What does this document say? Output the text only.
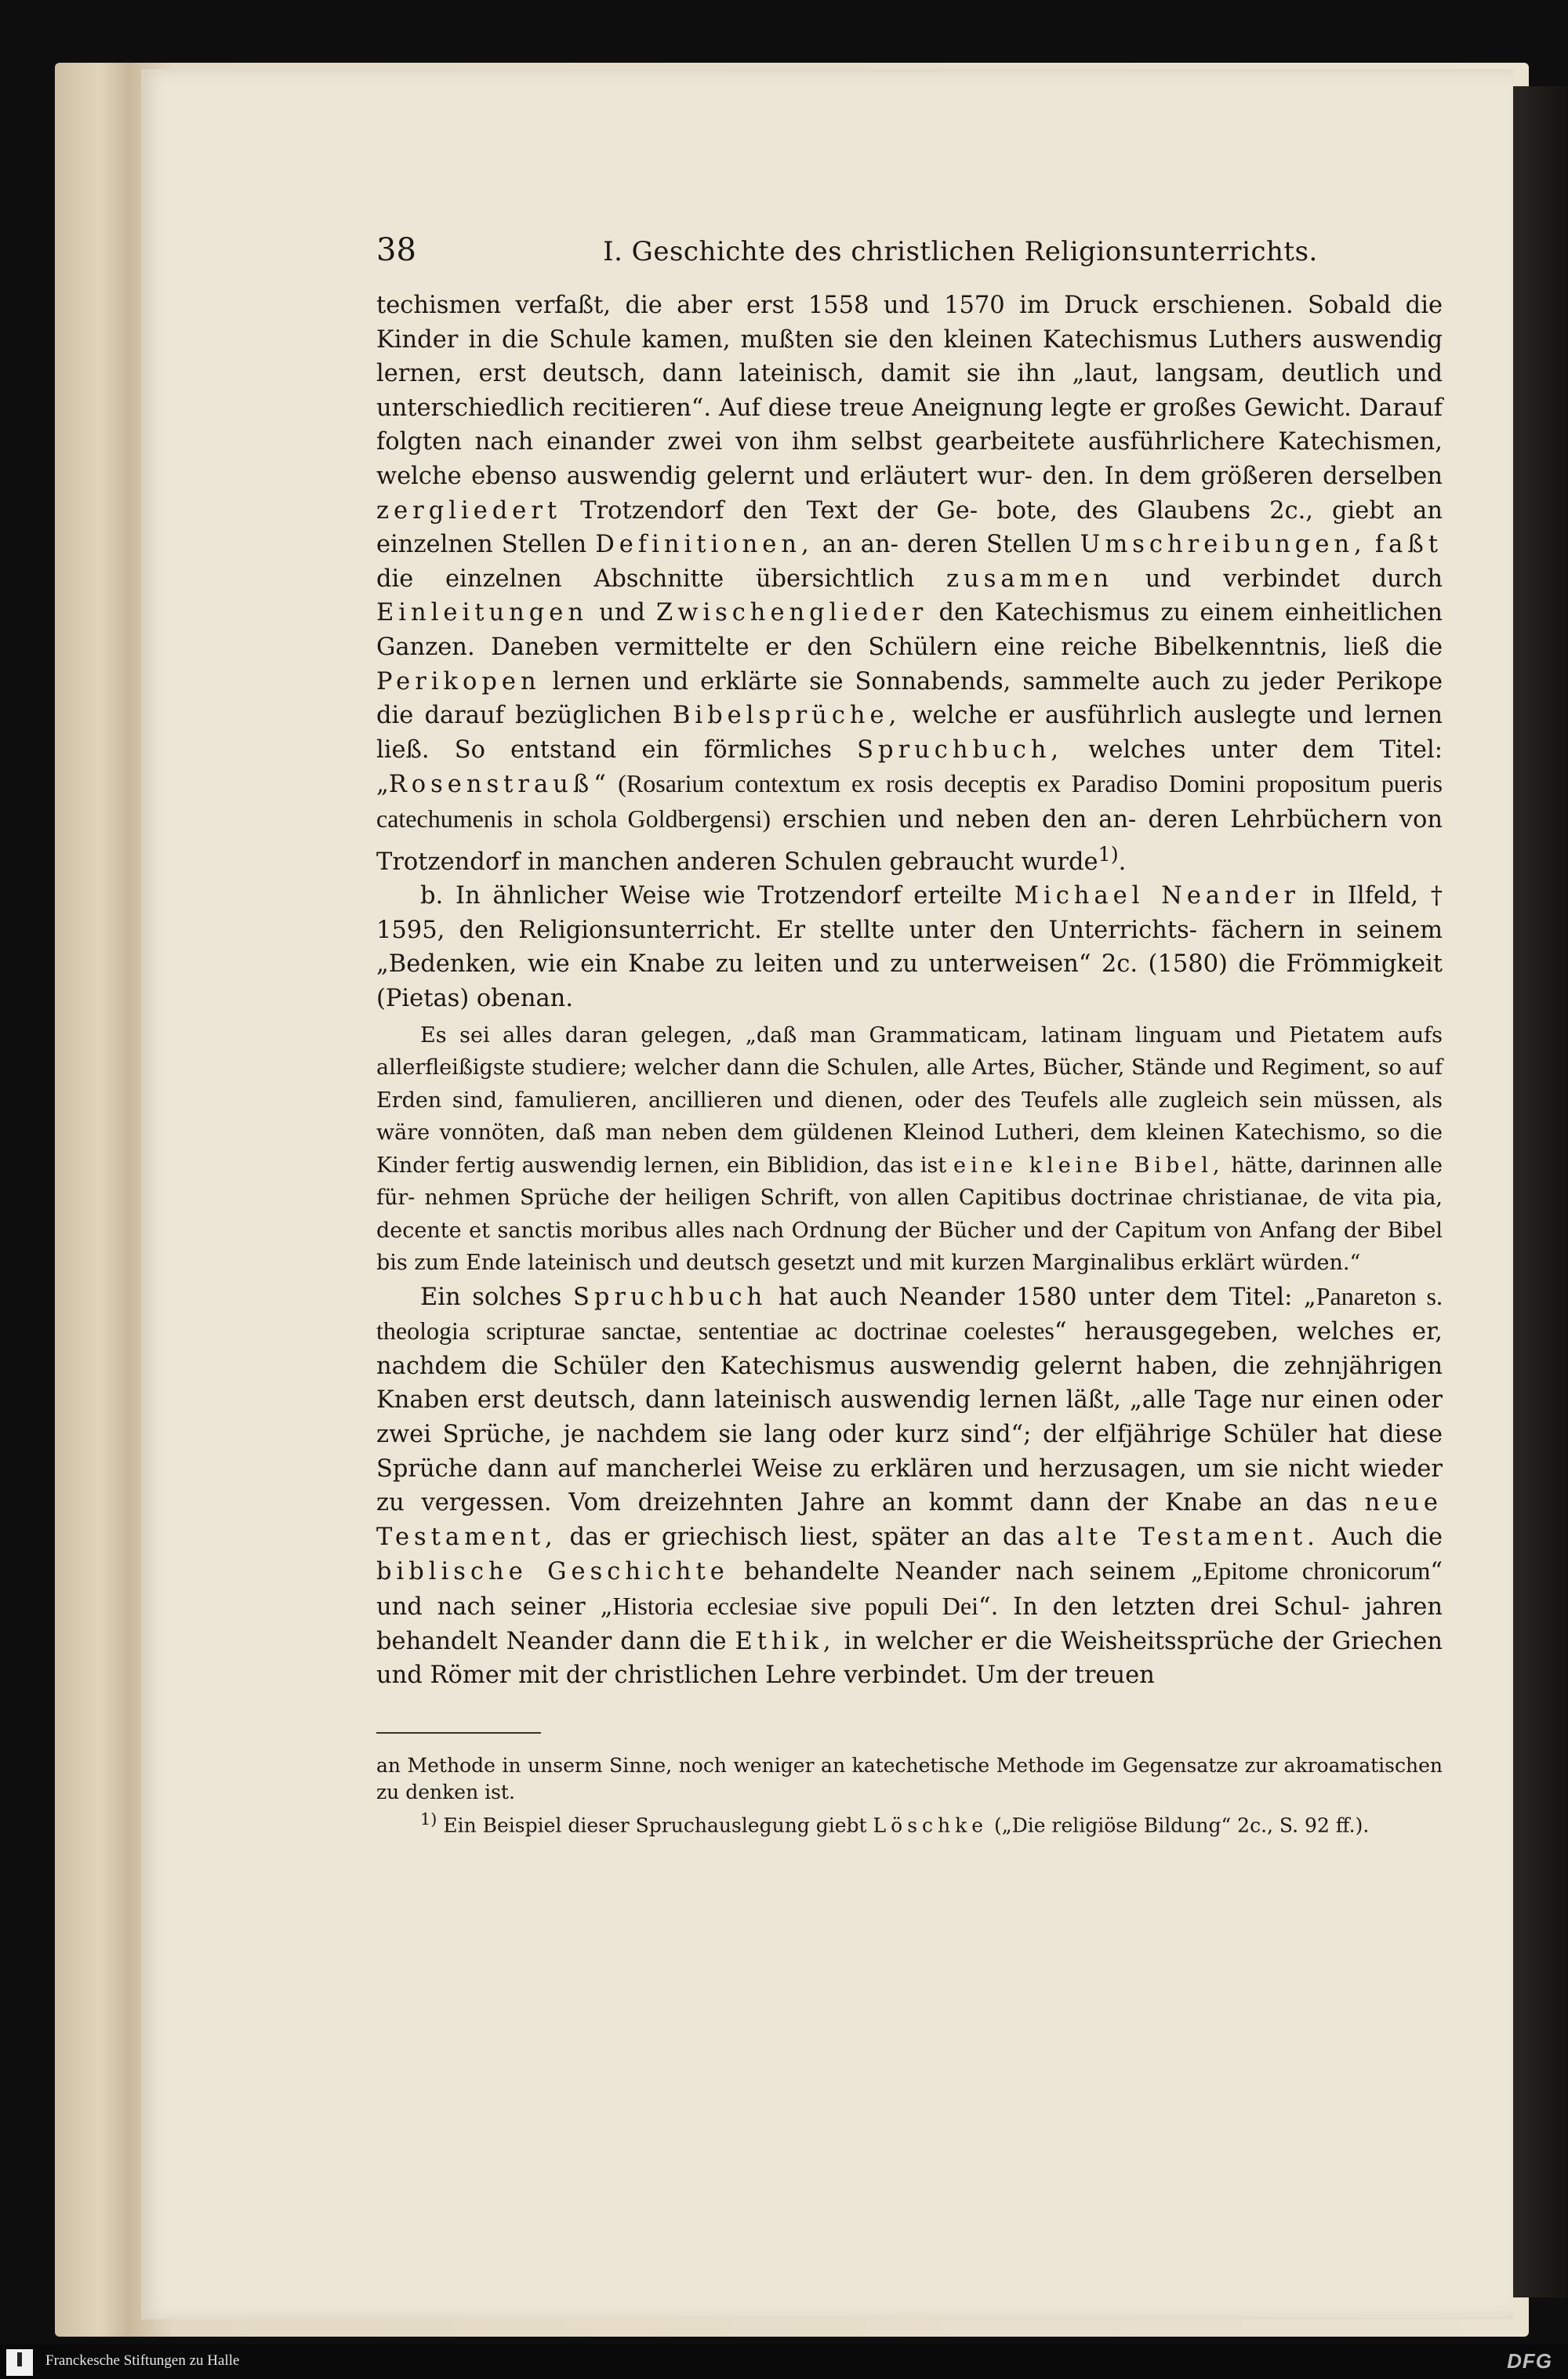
38	I. Geschichte des christlichen Religionsunterrichts.

techismen verfaßt, die aber erst 1558 und 1570 im Druck erschienen. Sobald die Kinder in die Schule kamen, mußten sie den kleinen Katechismus Luthers auswendig lernen, erst deutsch, dann lateinisch, damit sie ihn „laut, langsam, deutlich und unterschiedlich recitieren“. Auf diese treue Aneignung legte er großes Gewicht. Darauf folgten nach einander zwei von ihm selbst gearbeitete ausführlichere Katechismen, welche ebenso auswendig gelernt und erläutert wur- den. In dem größeren derselben zergliedert Trotzendorf den Text der Ge- bote, des Glaubens 2c., giebt an einzelnen Stellen Definitionen, an an- deren Stellen Umschreibungen, faßt die einzelnen Abschnitte übersichtlich zusammen und verbindet durch Einleitungen und Zwischenglieder den Katechismus zu einem einheitlichen Ganzen. Daneben vermittelte er den Schülern eine reiche Bibelkenntnis, ließ die Perikopen lernen und erklärte sie Sonnabends, sammelte auch zu jeder Perikope die darauf bezüglichen Bibelsprüche, welche er ausführlich auslegte und lernen ließ. So entstand ein förmliches Spruchbuch, welches unter dem Titel: „Rosenstrauß“ (Rosarium contextum ex rosis deceptis ex Paradiso Domini propositum pueris catechumenis in schola Goldbergensi) erschien und neben den an- deren Lehrbüchern von Trotzendorf in manchen anderen Schulen gebraucht wurde$^{1)}$.

b. In ähnlicher Weise wie Trotzendorf erteilte Michael Neander in Ilfeld, † 1595, den Religionsunterricht. Er stellte unter den Unterrichts- fächern in seinem „Bedenken, wie ein Knabe zu leiten und zu unterweisen“ 2c. (1580) die Frömmigkeit (Pietas) obenan.

Es sei alles daran gelegen, „daß man Grammaticam, latinam linguam und Pietatem aufs allerfleißigste studiere; welcher dann die Schulen, alle Artes, Bücher, Stände und Regiment, so auf Erden sind, famulieren, ancillieren und dienen, oder des Teufels alle zugleich sein müssen, als wäre vonnöten, daß man neben dem güldenen Kleinod Lutheri, dem kleinen Katechismo, so die Kinder fertig auswendig lernen, ein Biblidion, das ist eine kleine Bibel, hätte, darinnen alle für- nehmen Sprüche der heiligen Schrift, von allen Capitibus doctrinae christianae, de vita pia, decente et sanctis moribus alles nach Ordnung der Bücher und der Capitum von Anfang der Bibel bis zum Ende lateinisch und deutsch gesetzt und mit kurzen Marginalibus erklärt würden.“

Ein solches Spruchbuch hat auch Neander 1580 unter dem Titel: „Panareton s. theologia scripturae sanctae, sententiae ac doctrinae coelestes“ herausgegeben, welches er, nachdem die Schüler den Katechismus auswendig gelernt haben, die zehnjährigen Knaben erst deutsch, dann lateinisch auswendig lernen läßt, „alle Tage nur einen oder zwei Sprüche, je nachdem sie lang oder kurz sind“; der elfjährige Schüler hat diese Sprüche dann auf mancherlei Weise zu erklären und herzusagen, um sie nicht wieder zu vergessen. Vom dreizehnten Jahre an kommt dann der Knabe an das neue Testament, das er griechisch liest, später an das alte Testament. Auch die biblische Geschichte behandelte Neander nach seinem „Epitome chronicorum“ und nach seiner „Historia ecclesiae sive populi Dei“. In den letzten drei Schul- jahren behandelt Neander dann die Ethik, in welcher er die Weisheitssprüche der Griechen und Römer mit der christlichen Lehre verbindet. Um der treuen

an Methode in unserm Sinne, noch weniger an katechetische Methode im Gegensatze zur akroamatischen zu denken ist.

$^{1)}$ Ein Beispiel dieser Spruchauslegung giebt Löschke („Die religiöse Bildung“ 2c., S. 92 ff.).

Franckesche Stiftungen zu Halle	DFG
